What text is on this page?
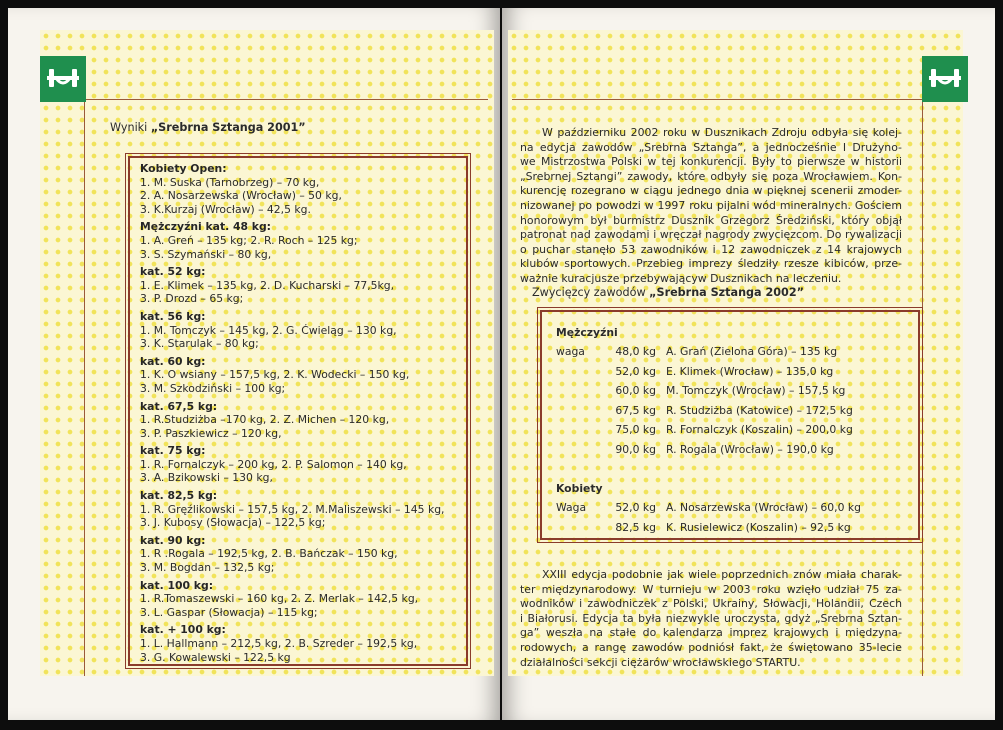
Wyniki „Srebrna Sztanga 2001”
Kobiety Open:
1. M. Suska (Tarnobrzeg) – 70 kg,
2. A. Nosarzewska (Wrocław) – 50 kg,
3. K.Kurzaj (Wrocław) – 42,5 kg.
Mężczyźni kat. 48 kg:
1. A. Greń – 135 kg; 2. R. Roch – 125 kg;
3. S. Szymański – 80 kg,
kat. 52 kg:
1. E. Klimek – 135 kg, 2. D. Kucharski – 77,5kg,
3. P. Drozd – 65 kg;
kat. 56 kg:
1. M. Tomczyk – 145 kg, 2. G. Ćwieląg – 130 kg,
3. K. Starulak – 80 kg;
kat. 60 kg:
1. K. O wsiany – 157,5 kg, 2. K. Wodecki – 150 kg,
3. M. Szkodziński – 100 kg;
kat. 67,5 kg:
1. R.Studziżba –170 kg, 2. Z. Michen – 120 kg,
3. P. Paszkiewicz – 120 kg,
kat. 75 kg:
1. R. Fornalczyk – 200 kg, 2. P. Salomon – 140 kg,
3. A. Bzikowski – 130 kg,
kat. 82,5 kg:
1. R. Gręźlikowski – 157,5 kg, 2. M.Maliszewski – 145 kg,
3. J. Kubosy (Słowacja) – 122,5 kg;
kat. 90 kg:
1. R .Rogala – 192,5 kg, 2. B. Bańczak – 150 kg,
3. M. Bogdan – 132,5 kg;
kat. 100 kg:
1. R.Tomaszewski – 160 kg, 2. Z. Merlak – 142,5 kg,
3. L. Gaspar (Słowacja) – 115 kg;
kat. + 100 kg:
1. L. Hallmann – 212,5 kg, 2. B. Szreder – 192,5 kg,
3. G. Kowalewski – 122,5 kg
W październiku 2002 roku w Dusznikach Zdroju odbyła się kolej-
na edycja zawodów „Srebrna Sztanga”, a jednocześnie I Drużyno-
we Mistrzostwa Polski w tej konkurencji. Były to pierwsze w historii
„Srebrnej Sztangi” zawody, które odbyły się poza Wrocławiem. Kon-
kurencję rozegrano w ciągu jednego dnia w pięknej scenerii zmoder-
nizowanej po powodzi w 1997 roku pijalni wód mineralnych. Gościem
honorowym był burmistrz Dusznik Grzegorz Średziński, który objął
patronat nad zawodami i wręczał nagrody zwycięzcom. Do rywalizacji
o puchar stanęło 53 zawodników i 12 zawodniczek z 14 krajowych
klubów sportowych. Przebieg imprezy śledziły rzesze kibiców, prze-
ważnie kuracjusze przebywającyw Dusznikach na leczeniu.
Zwycięzcy zawodów „Srebrna Sztanga 2002”
Mężczyźni
waga	48,0 kg A. Grań (Zielona Góra) – 135 kg
52,0 kg E. Klimek (Wrocław) – 135,0 kg
60,0 kg M. Tomczyk (Wrocław) – 157,5 kg
67,5 kg R. Studziżba (Katowice) – 172,5 kg
75,0 kg R. Fornalczyk (Koszalin) – 200,0 kg
90,0 kg R. Rogala (Wrocław) – 190,0 kg
Kobiety
Waga	52,0 kg A. Nosarzewska (Wrocław) – 60,0 kg
82,5 kg K. Rusielewicz (Koszalin) – 92,5 kg
XXIII edycja podobnie jak wiele poprzednich znów miała charak-
ter międzynarodowy. W turnieju w 2003 roku wzięło udział 75 za-
wodników i zawodniczek z Polski, Ukrainy, Słowacji, Holandii, Czech
i Białorusi. Edycja ta była niezwykle uroczysta, gdyż „Srebrna Sztan-
ga” weszła na stałe do kalendarza imprez krajowych i międzyna-
rodowych, a rangę zawodów podniósł fakt, że świętowano 35-lecie
działalności sekcji ciężarów wrocławskiego STARTU.
